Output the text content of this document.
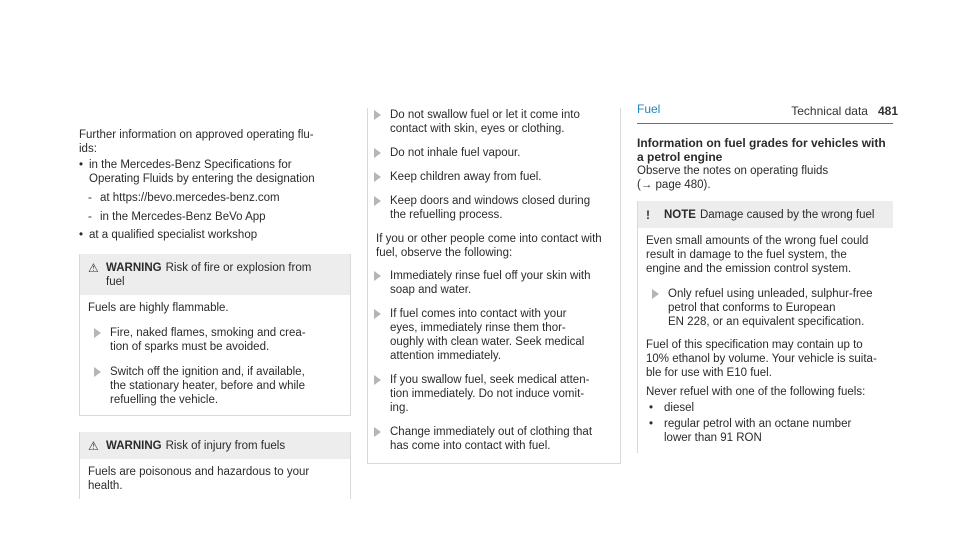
Technical data 481

Further information on approved operating flu-

ids:

• in the Mercedes-Benz Specifications for

Operating Fluids by entering the designation

- at https://bevo.mercedes-benz.com
- in the Mercedes-Benz BeVo App
• at a qualified specialist workshop

⚠ WARNING Risk of fire or explosion from

fuel

Fuels are highly flammable.

Fire, naked flames, smoking and crea-

tion of sparks must be avoided.

Switch off the ignition and, if available,

the stationary heater, before and while

refuelling the vehicle.

⚠ WARNING Risk of injury from fuels

Fuels are poisonous and hazardous to your

health.

Do not swallow fuel or let it come into

contact with skin, eyes or clothing.

Do not inhale fuel vapour.

Keep children away from fuel.

Keep doors and windows closed during

the refuelling process.

If you or other people come into contact with

fuel, observe the following:

Immediately rinse fuel off your skin with

soap and water.

If fuel comes into contact with your

eyes, immediately rinse them thor-

oughly with clean water. Seek medical

attention immediately.

If you swallow fuel, seek medical atten-

tion immediately. Do not induce vomit-

ing.

Change immediately out of clothing that

has come into contact with fuel.

Fuel

Information on fuel grades for vehicles with

a petrol engine

Observe the notes on operating fluids

(→ page 480).

!	NOTE Damage caused by the wrong fuel

Even small amounts of the wrong fuel could

result in damage to the fuel system, the

engine and the emission control system.

Only refuel using unleaded, sulphur-free

petrol that conforms to European

EN 228, or an equivalent specification.

Fuel of this specification may contain up to

10% ethanol by volume. Your vehicle is suita-

ble for use with E10 fuel.

Never refuel with one of the following fuels:

• diesel

• regular petrol with an octane number

lower than 91 RON
